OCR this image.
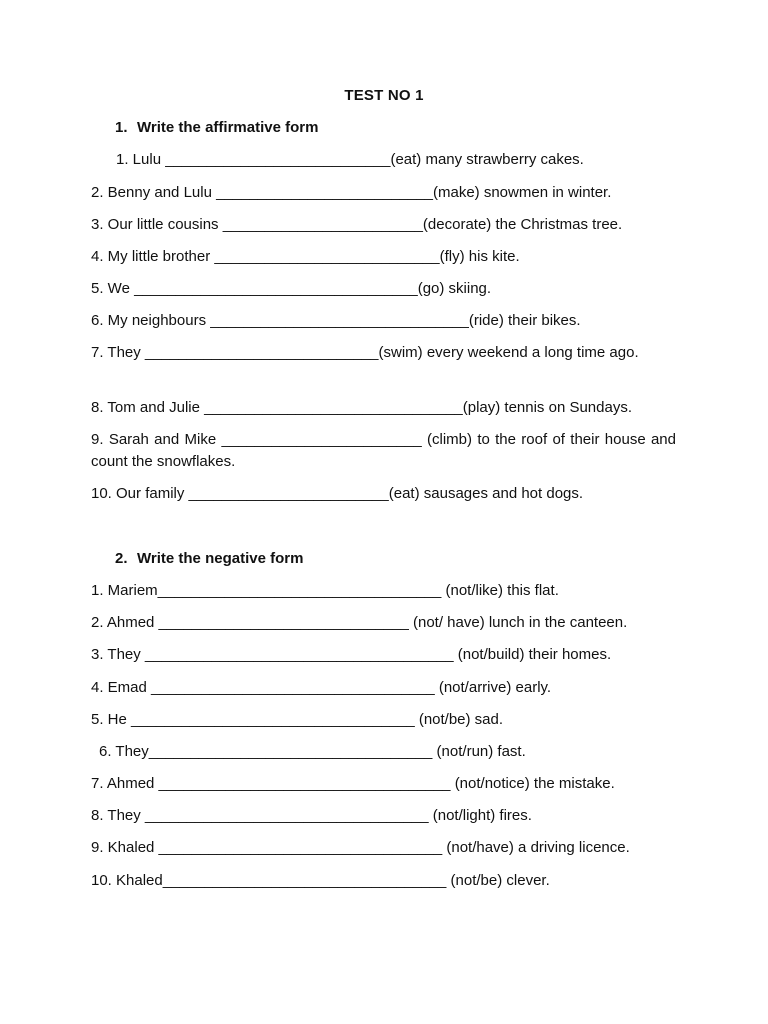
TEST NO 1
1. Write the affirmative form
1. Lulu ___________________________(eat) many strawberry cakes.
2. Benny and Lulu __________________________(make) snowmen in winter.
3. Our little cousins ________________________(decorate) the Christmas tree.
4. My little brother ___________________________(fly) his kite.
5. We __________________________________(go) skiing.
6. My neighbours _______________________________(ride) their bikes.
7. They ____________________________(swim) every weekend a long time ago.
8. Tom and Julie _______________________________(play) tennis on Sundays.
9. Sarah and Mike ________________________ (climb) to the roof of their house and count the snowflakes.
10. Our family ________________________(eat) sausages and hot dogs.
2. Write the negative form
1. Mariem__________________________________ (not/like) this flat.
2. Ahmed ______________________________ (not/ have) lunch in the canteen.
3. They _____________________________________ (not/build) their homes.
4. Emad __________________________________ (not/arrive) early.
5. He __________________________________ (not/be) sad.
6. They__________________________________ (not/run) fast.
7. Ahmed ___________________________________ (not/notice) the mistake.
8. They __________________________________ (not/light) fires.
9. Khaled __________________________________ (not/have) a driving licence.
10. Khaled__________________________________ (not/be) clever.
